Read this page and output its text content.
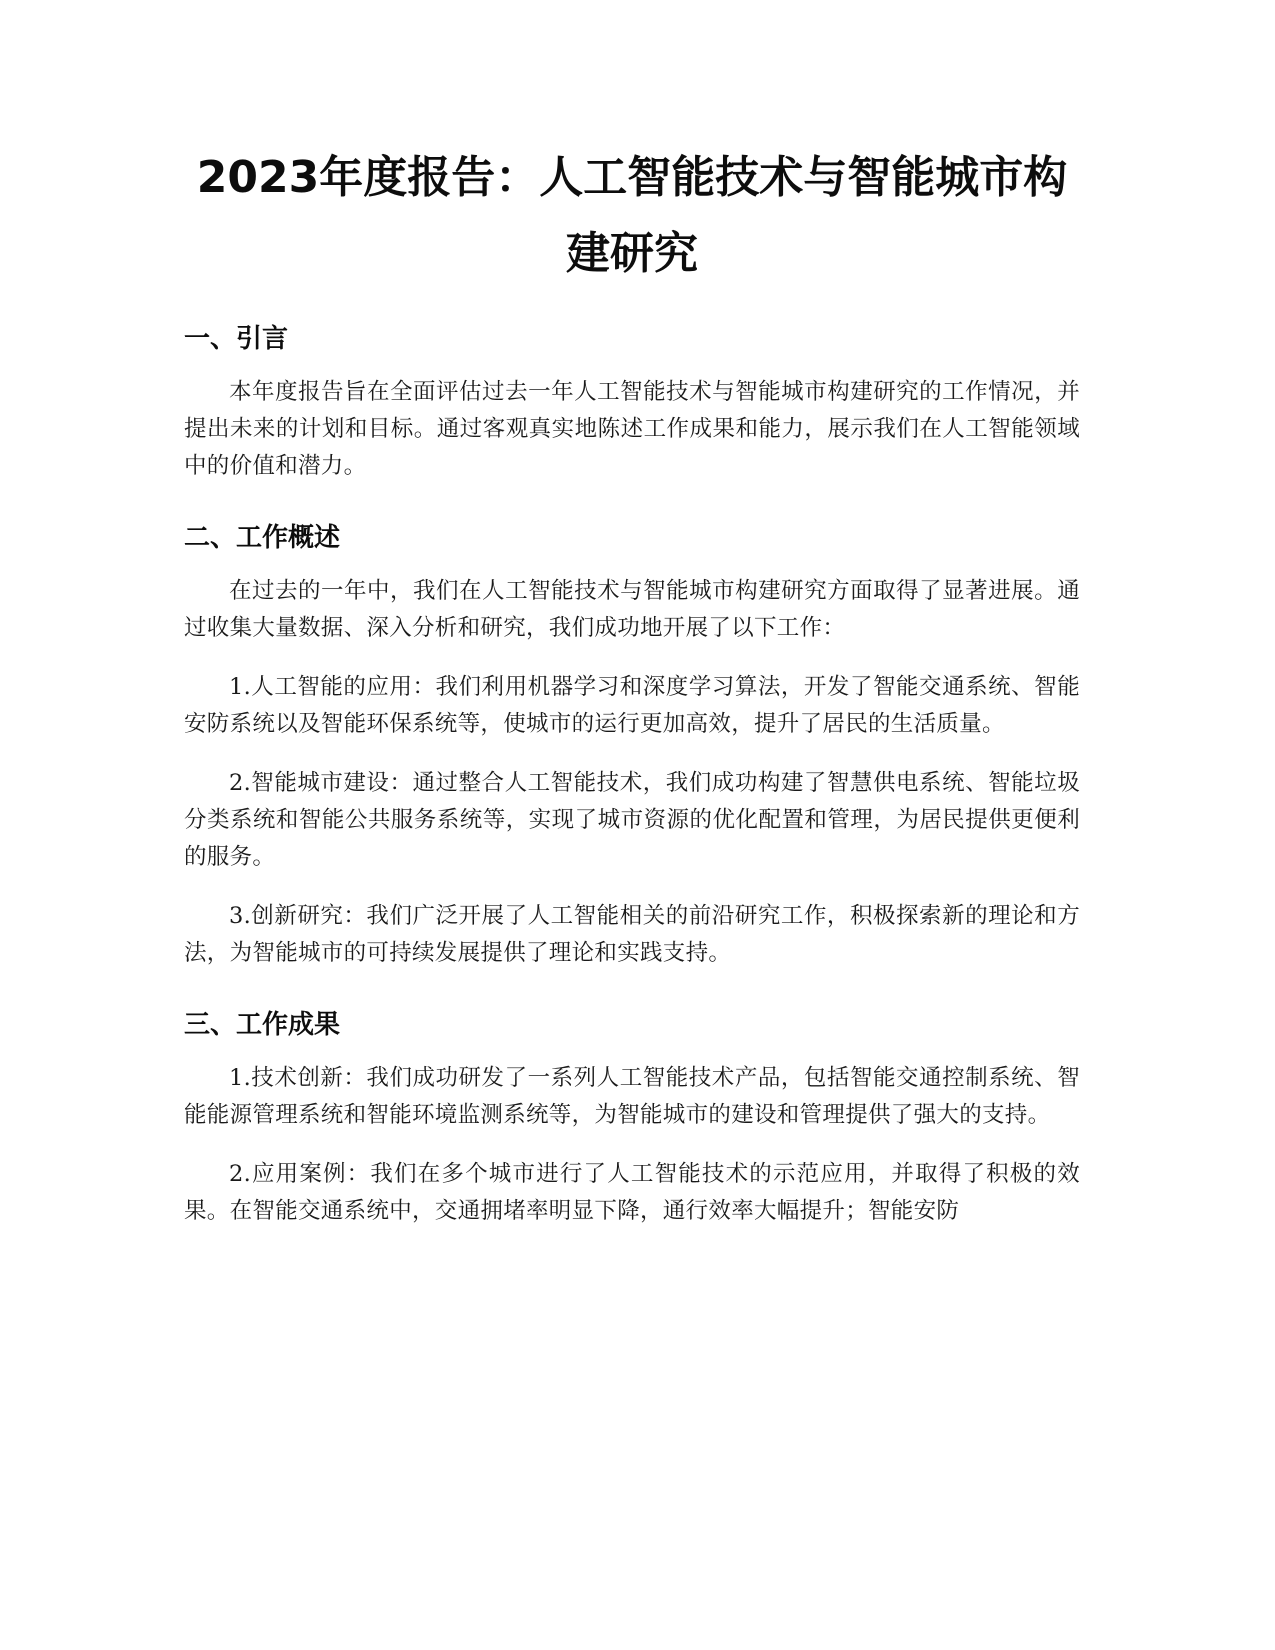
2023年度报告：人工智能技术与智能城市构建研究
一、引言

本年度报告旨在全面评估过去一年人工智能技术与智能城市构建研究的工作情况，并提出未来的计划和目标。通过客观真实地陈述工作成果和能力，展示我们在人工智能领域中的价值和潜力。

二、工作概述

在过去的一年中，我们在人工智能技术与智能城市构建研究方面取得了显著进展。通过收集大量数据、深入分析和研究，我们成功地开展了以下工作：

1.人工智能的应用：我们利用机器学习和深度学习算法，开发了智能交通系统、智能安防系统以及智能环保系统等，使城市的运行更加高效，提升了居民的生活质量。

2.智能城市建设：通过整合人工智能技术，我们成功构建了智慧供电系统、智能垃圾分类系统和智能公共服务系统等，实现了城市资源的优化配置和管理，为居民提供更便利的服务。

3.创新研究：我们广泛开展了人工智能相关的前沿研究工作，积极探索新的理论和方法，为智能城市的可持续发展提供了理论和实践支持。

三、工作成果

1.技术创新：我们成功研发了一系列人工智能技术产品，包括智能交通控制系统、智能能源管理系统和智能环境监测系统等，为智能城市的建设和管理提供了强大的支持。

2.应用案例：我们在多个城市进行了人工智能技术的示范应用，并取得了积极的效果。在智能交通系统中，交通拥堵率明显下降，通行效率大幅提升；智能安防
